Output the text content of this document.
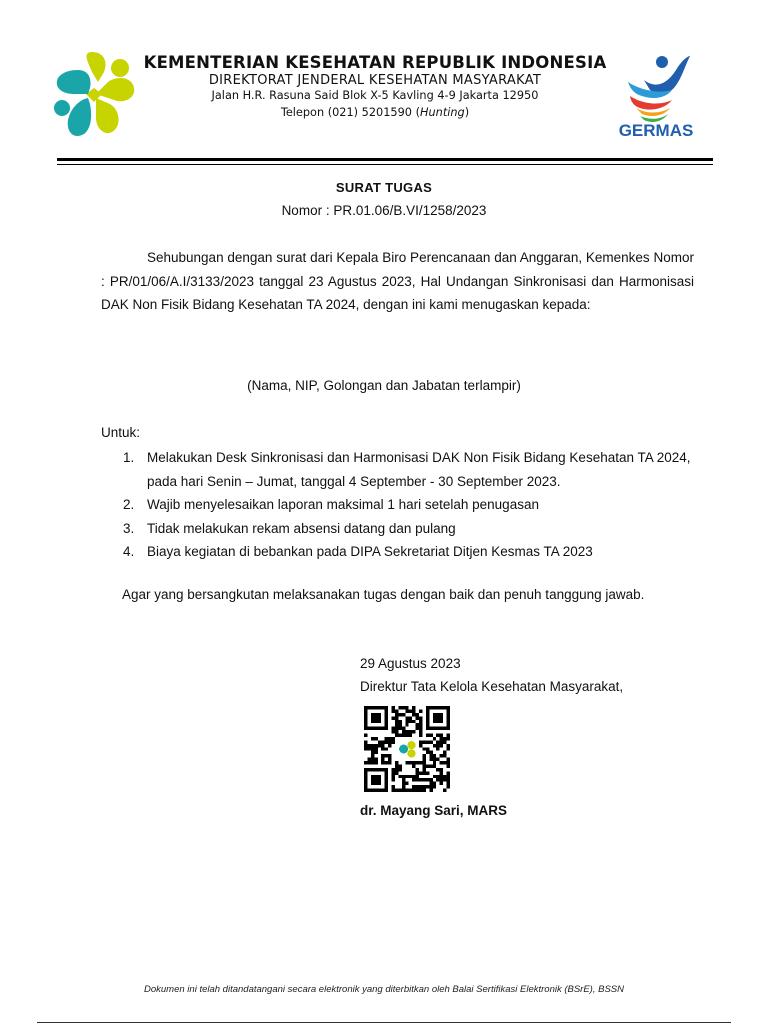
KEMENTERIAN KESEHATAN REPUBLIK INDONESIA
DIREKTORAT JENDERAL KESEHATAN MASYARAKAT
Jalan H.R. Rasuna Said Blok X-5 Kavling 4-9 Jakarta 12950
Telepon (021) 5201590 (Hunting)
GERMAS
SURAT TUGAS
Nomor : PR.01.06/B.VI/1258/2023
Sehubungan dengan surat dari Kepala Biro Perencanaan dan Anggaran, Kemenkes Nomor : PR/01/06/A.I/3133/2023 tanggal 23 Agustus 2023, Hal Undangan Sinkronisasi dan Harmonisasi DAK Non Fisik Bidang Kesehatan TA 2024, dengan ini kami menugaskan kepada:
(Nama, NIP, Golongan dan Jabatan terlampir)
Untuk:
1. Melakukan Desk Sinkronisasi dan Harmonisasi DAK Non Fisik Bidang Kesehatan TA 2024, pada hari Senin – Jumat, tanggal 4 September - 30 September 2023.
2. Wajib menyelesaikan laporan maksimal 1 hari setelah penugasan
3. Tidak melakukan rekam absensi datang dan pulang
4. Biaya kegiatan di bebankan pada DIPA Sekretariat Ditjen Kesmas TA 2023
Agar yang bersangkutan melaksanakan tugas dengan baik dan penuh tanggung jawab.
29 Agustus 2023
Direktur Tata Kelola Kesehatan Masyarakat,
dr. Mayang Sari, MARS
Dokumen ini telah ditandatangani secara elektronik yang diterbitkan oleh Balai Sertifikasi Elektronik (BSrE), BSSN
